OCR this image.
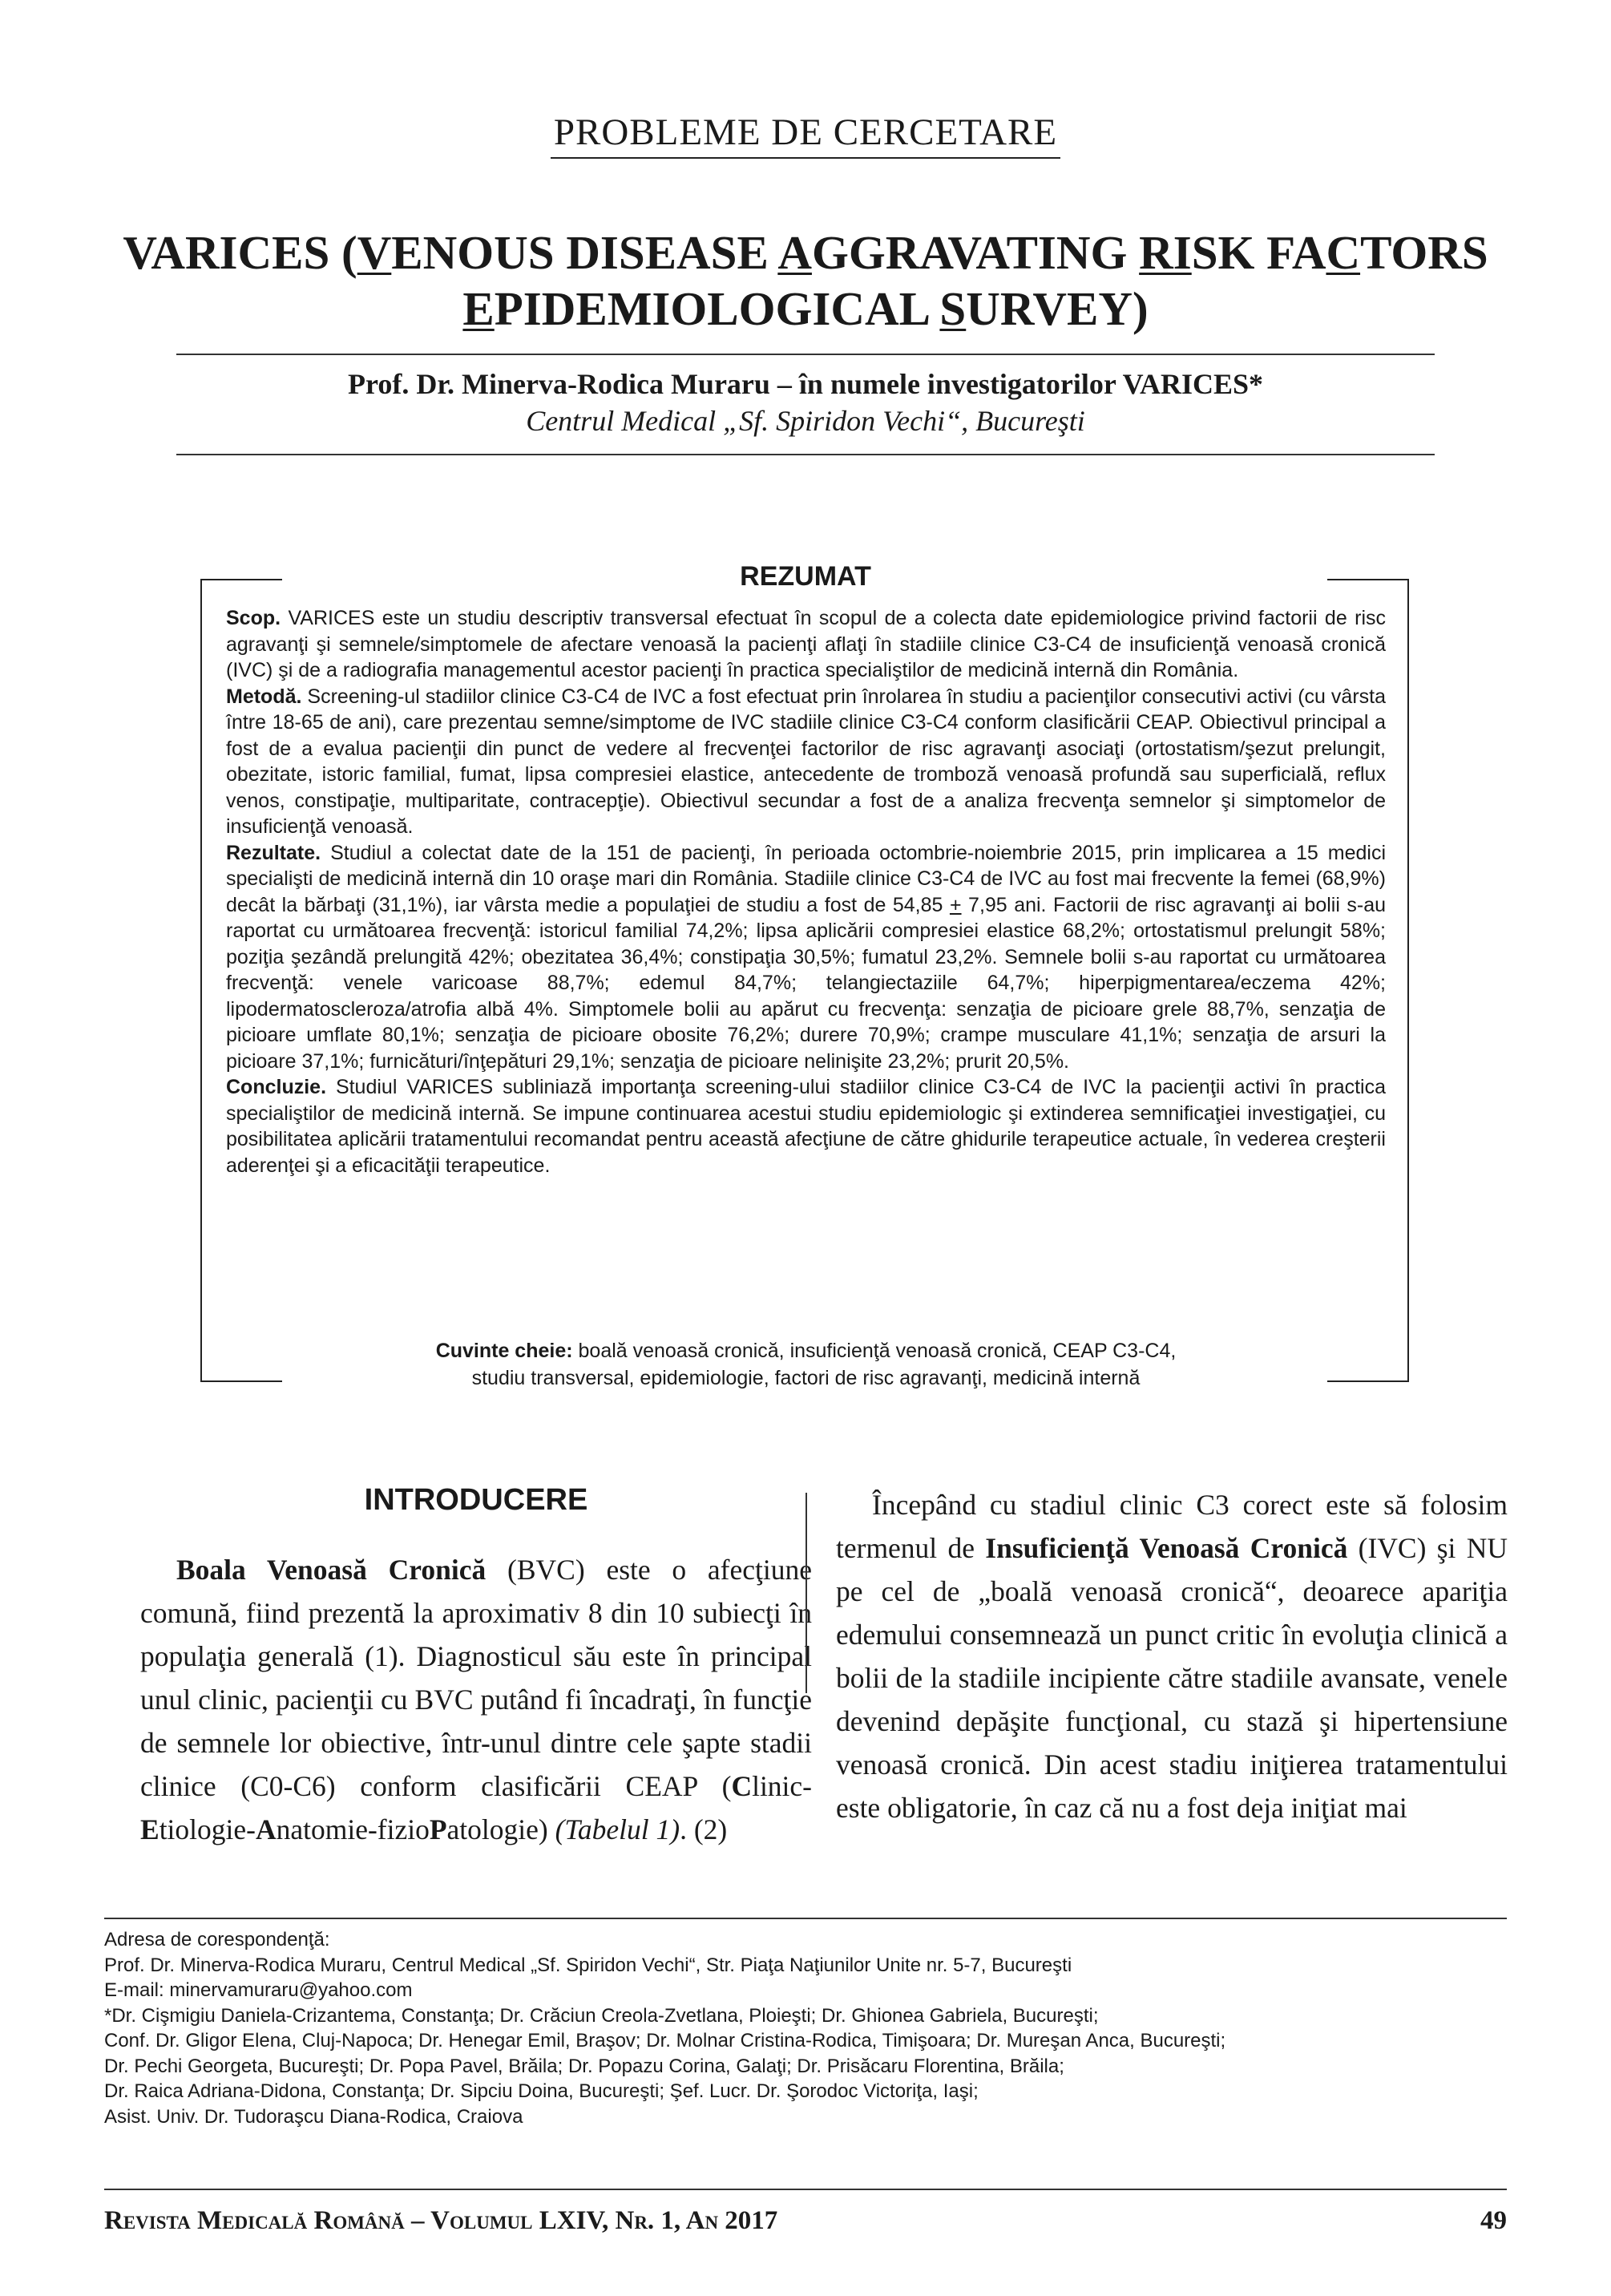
PROBLEME DE CERCETARE
VARICES (VENOUS DISEASE AGGRAVATING RISK FACTORS
EPIDEMIOLOGICAL SURVEY)
Prof. Dr. Minerva-Rodica Muraru – în numele investigatorilor VARICES*
Centrul Medical „Sf. Spiridon Vechi“, Bucureşti
REZUMAT

Scop. VARICES este un studiu descriptiv transversal efectuat în scopul de a colecta date epidemiologice privind factorii de risc agravanţi şi semnele/simptomele de afectare venoasă la pacienţi aflaţi în stadiile clinice C3-C4 de insuficienţă venoasă cronică (IVC) şi de a radiografia managementul acestor pacienţi în practica specialiştilor de medicină internă din România.

Metodă. Screening-ul stadiilor clinice C3-C4 de IVC a fost efectuat prin înrolarea în studiu a pacienţilor consecutivi activi (cu vârsta între 18-65 de ani), care prezentau semne/simptome de IVC stadiile clinice C3-C4 conform clasificării CEAP. Obiectivul principal a fost de a evalua pacienţii din punct de vedere al frecvenţei factorilor de risc agravanţi asociaţi (ortostatism/şezut prelungit, obezitate, istoric familial, fumat, lipsa compresiei elastice, antecedente de tromboză venoasă profundă sau superficială, reflux venos, constipaţie, multiparitate, contracepţie). Obiectivul secundar a fost de a analiza frecvenţa semnelor şi simptomelor de insuficienţă venoasă.

Rezultate. Studiul a colectat date de la 151 de pacienţi, în perioada octombrie-noiembrie 2015, prin implicarea a 15 medici specialişti de medicină internă din 10 oraşe mari din România. Stadiile clinice C3-C4 de IVC au fost mai frecvente la femei (68,9%) decât la bărbaţi (31,1%), iar vârsta medie a populaţiei de studiu a fost de 54,85 + 7,95 ani. Factorii de risc agravanţi ai bolii s-au raportat cu următoarea frecvenţă: istoricul familial 74,2%; lipsa aplicării compresiei elastice 68,2%; ortostatismul prelungit 58%; poziţia şezândă prelungită 42%; obezitatea 36,4%; constipaţia 30,5%; fumatul 23,2%. Semnele bolii s-au raportat cu următoarea frecvenţă: venele varicoase 88,7%; edemul 84,7%; telangiectaziile 64,7%; hiperpigmentarea/eczema 42%; lipodermatoscleroza/atrofia albă 4%. Simptomele bolii au apărut cu frecvenţa: senzaţia de picioare grele 88,7%, senzaţia de picioare umflate 80,1%; senzaţia de picioare obosite 76,2%; durere 70,9%; crampe musculare 41,1%; senzaţia de arsuri la picioare 37,1%; furnicături/înţepături 29,1%; senzaţia de picioare nelinişite 23,2%; prurit 20,5%.

Concluzie. Studiul VARICES subliniază importanţa screening-ului stadiilor clinice C3-C4 de IVC la pacienţii activi în practica specialiştilor de medicină internă. Se impune continuarea acestui studiu epidemiologic şi extinderea semnificaţiei investigaţiei, cu posibilitatea aplicării tratamentului recomandat pentru această afecţiune de către ghidurile terapeutice actuale, în vederea creşterii aderenţei şi a eficacităţii terapeutice.

Cuvinte cheie: boală venoasă cronică, insuficienţă venoasă cronică, CEAP C3-C4,
studiu transversal, epidemiologie, factori de risc agravanţi, medicină internă
INTRODUCERE

Boala Venoasă Cronică (BVC) este o afecţiune comună, fiind prezentă la aproximativ 8 din 10 subiecţi în populaţia generală (1). Diagnosticul său este în principal unul clinic, pacienţii cu BVC putând fi încadraţi, în funcţie de semnele lor obiective, într-unul dintre cele şapte stadii clinice (C0-C6) conform clasificării CEAP (Clinic-Etiologie-Anatomie-fizioPatologie) (Tabelul 1). (2)

Începând cu stadiul clinic C3 corect este să folosim termenul de Insuficienţă Venoasă Cronică (IVC) şi NU pe cel de „boală venoasă cronică“, deoarece apariţia edemului consemnează un punct critic în evoluţia clinică a bolii de la stadiile incipiente către stadiile avansate, venele devenind depăşite funcţional, cu stază şi hipertensiune venoasă cronică. Din acest stadiu iniţierea tratamentului este obligatorie, în caz că nu a fost deja iniţiat mai

Adresa de corespondenţă:
Prof. Dr. Minerva-Rodica Muraru, Centrul Medical „Sf. Spiridon Vechi“, Str. Piaţa Naţiunilor Unite nr. 5-7, Bucureşti
E-mail: minervamuraru@yahoo.com
*Dr. Cişmigiu Daniela-Crizantema, Constanţa; Dr. Crăciun Creola-Zvetlana, Ploieşti; Dr. Ghionea Gabriela, Bucureşti;
Conf. Dr. Gligor Elena, Cluj-Napoca; Dr. Henegar Emil, Braşov; Dr. Molnar Cristina-Rodica, Timişoara; Dr. Mureşan Anca, Bucureşti;
Dr. Pechi Georgeta, Bucureşti; Dr. Popa Pavel, Brăila; Dr. Popazu Corina, Galaţi; Dr. Prisăcaru Florentina, Brăila;
Dr. Raica Adriana-Didona, Constanţa; Dr. Sipciu Doina, Bucureşti; Şef. Lucr. Dr. Şorodoc Victoriţa, Iaşi;
Asist. Univ. Dr. Tudoraşcu Diana-Rodica, Craiova
Revista Medicală Română – Volumul LXIV, Nr. 1, An 2017	49
